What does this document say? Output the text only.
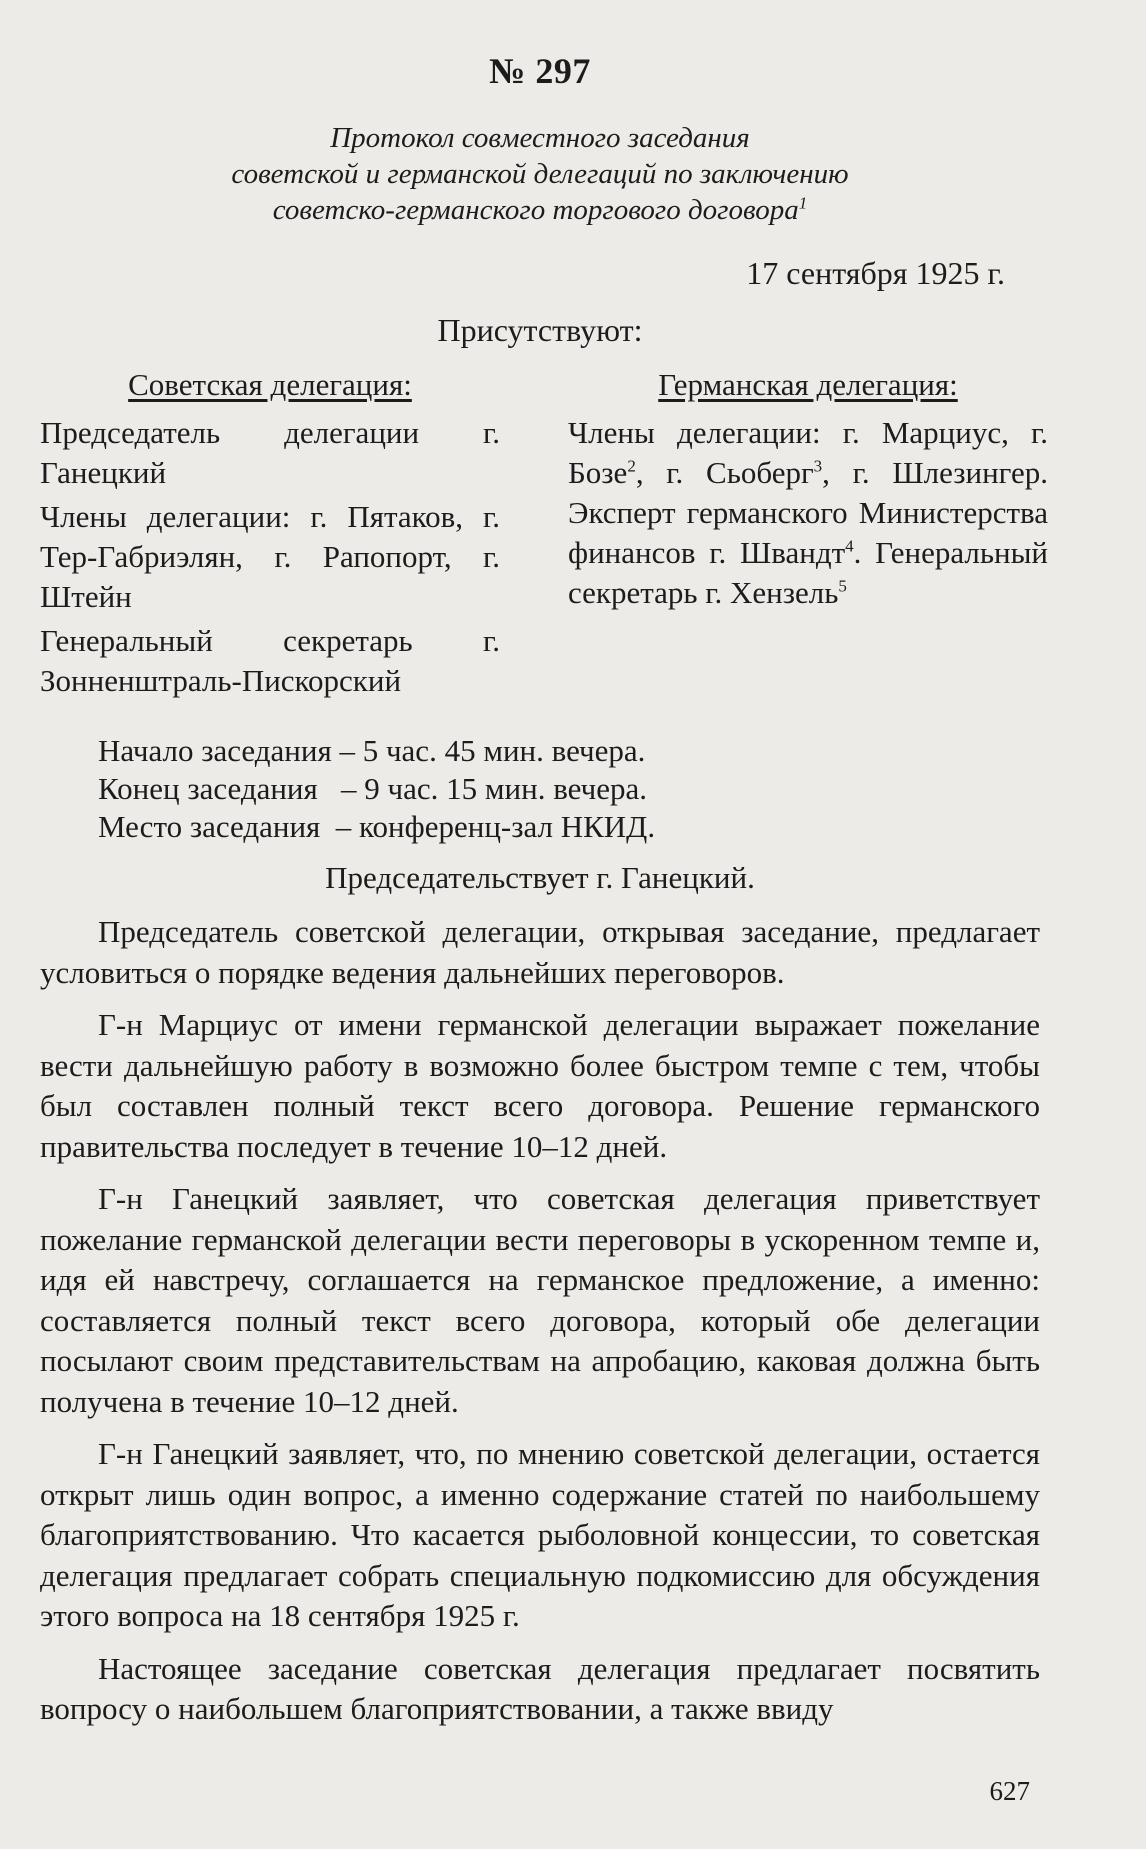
№ 297
Протокол совместного заседания
советской и германской делегаций по заключению
советско-германского торгового договора$^1$
17 сентября 1925 г.
Присутствуют:
Советская делегация:

Председатель делегации г. Ганецкий

Члены делегации: г. Пятаков, г. Тер-Габриэлян, г. Рапопорт, г. Штейн

Генеральный секретарь г. Зонненштраль-Пискорский

Германская делегация:

Члены делегации: г. Марциус, г. Бозе$^2$, г. Сьоберг$^3$, г. Шлезингер. Эксперт германского Министерства финансов г. Швандт$^4$. Генеральный секретарь г. Хензель$^5$

Начало заседания – 5 час. 45 мин. вечера.
Конец заседания   – 9 час. 15 мин. вечера.
Место заседания  – конференц-зал НКИД.
Председательствует г. Ганецкий.

Председатель советской делегации, открывая заседание, предлагает условиться о порядке ведения дальнейших переговоров.

Г-н Марциус от имени германской делегации выражает пожелание вести дальнейшую работу в возможно более быстром темпе с тем, чтобы был составлен полный текст всего договора. Решение германского правительства последует в течение 10–12 дней.

Г-н Ганецкий заявляет, что советская делегация приветствует пожелание германской делегации вести переговоры в ускоренном темпе и, идя ей навстречу, соглашается на германское предложение, а именно: составляется полный текст всего договора, который обе делегации посылают своим представительствам на апробацию, каковая должна быть получена в течение 10–12 дней.

Г-н Ганецкий заявляет, что, по мнению советской делегации, остается открыт лишь один вопрос, а именно содержание статей по наибольшему благоприятствованию. Что касается рыболовной концессии, то советская делегация предлагает собрать специальную подкомиссию для обсуждения этого вопроса на 18 сентября 1925 г.

Настоящее заседание советская делегация предлагает посвятить вопросу о наибольшем благоприятствовании, а также ввиду

627
